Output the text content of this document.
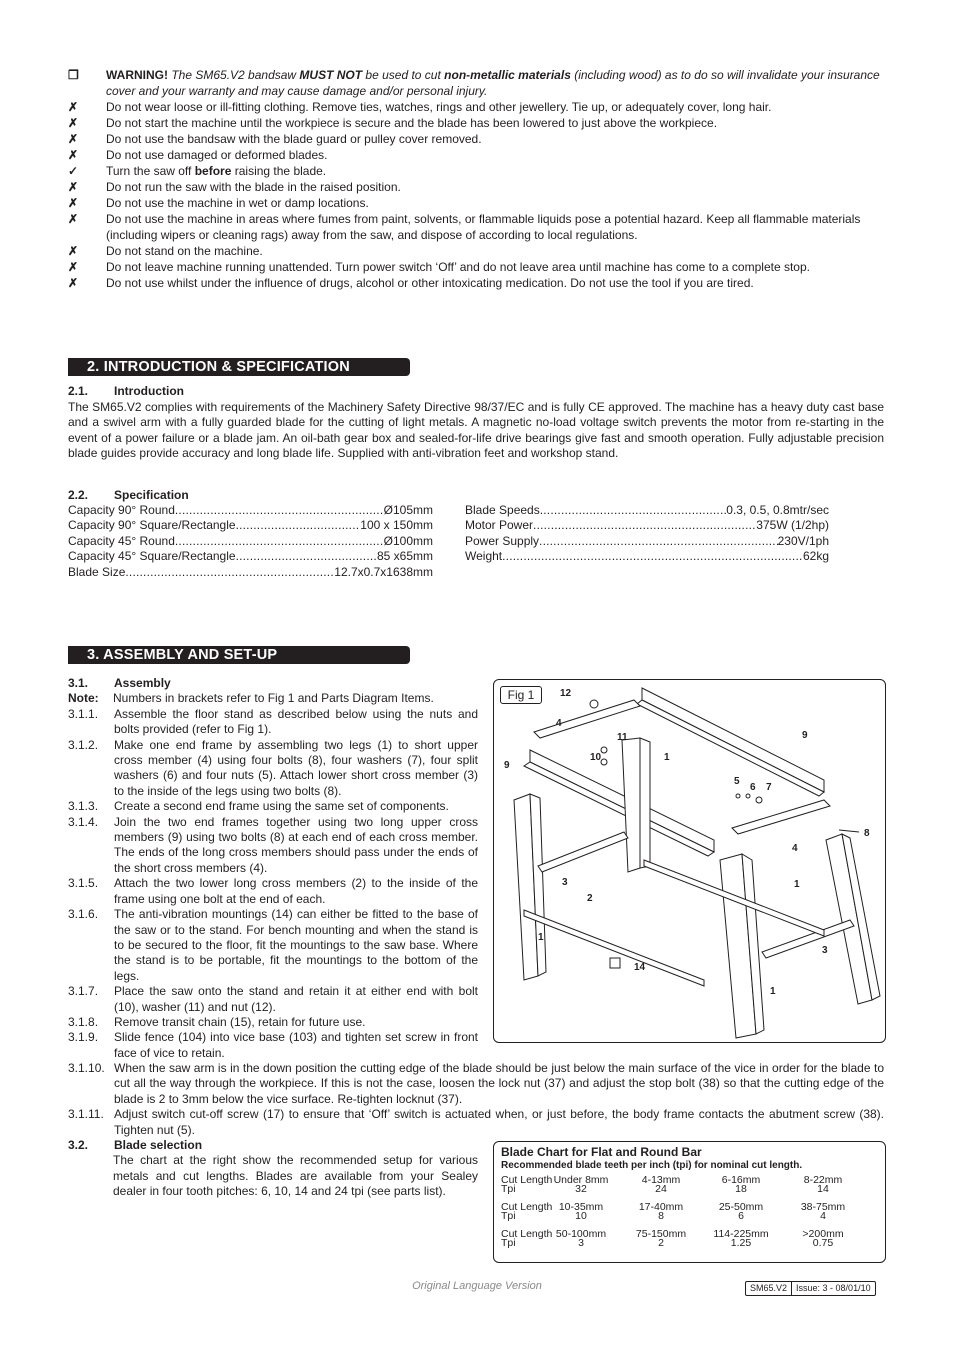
❒	WARNING! The SM65.V2 bandsaw MUST NOT be used to cut non-metallic materials (including wood) as to do so will invalidate your insurance cover and your warranty and may cause damage and/or personal injury.
✗	Do not wear loose or ill-fitting clothing. Remove ties, watches, rings and other jewellery. Tie up, or adequately cover, long hair.
✗	Do not start the machine until the workpiece is secure and the blade has been lowered to just above the workpiece.
✗	Do not use the bandsaw with the blade guard or pulley cover removed.
✗	Do not use damaged or deformed blades.
✓	Turn the saw off before raising the blade.
✗	Do not run the saw with the blade in the raised position.
✗	Do not use the machine in wet or damp locations.
✗	Do not use the machine in areas where fumes from paint, solvents, or flammable liquids pose a potential hazard. Keep all flammable materials (including wipers or cleaning rags) away from the saw, and dispose of according to local regulations.
✗	Do not stand on the machine.
✗	Do not leave machine running unattended. Turn power switch ‘Off’ and do not leave area until machine has come to a complete stop.
✗	Do not use whilst under the influence of drugs, alcohol or other intoxicating medication. Do not use the tool if you are tired.
2. INTRODUCTION & SPECIFICATION
2.1. Introduction
The SM65.V2 complies with requirements of the Machinery Safety Directive 98/37/EC and is fully CE approved. The machine has a heavy duty cast base and a swivel arm with a fully guarded blade for the cutting of light metals. A magnetic no-load voltage switch prevents the motor from re-starting in the event of a power failure or a blade jam. An oil-bath gear box and sealed-for-life drive bearings give fast and smooth operation. Fully adjustable precision blade guides provide accuracy and long blade life. Supplied with anti-vibration feet and workshop stand.
2.2. Specification
Capacity 90° Round .....	Ø105mm
Capacity 90° Square/Rectangle .....	100 x 150mm
Capacity 45° Round .....	Ø100mm
Capacity 45° Square/Rectangle .....	85 x65mm
Blade Size .....	12.7x0.7x1638mm
Blade Speeds .....	0.3, 0.5, 0.8mtr/sec
Motor Power .....	375W (1/2hp)
Power Supply .....	230V/1ph
Weight .....	62kg
3. ASSEMBLY AND SET-UP
3.1. Assembly
Note:	Numbers in brackets refer to Fig 1 and Parts Diagram Items.
3.1.1.	Assemble the floor stand as described below using the nuts and bolts provided (refer to Fig 1).
3.1.2.	Make one end frame by assembling two legs (1) to short upper cross member (4) using four bolts (8), four washers (7), four split washers (6) and four nuts (5). Attach lower short cross member (3) to the inside of the legs using two bolts (8).
3.1.3.	Create a second end frame using the same set of components.
3.1.4.	Join the two end frames together using two long upper cross members (9) using two bolts (8) at each end of each cross member. The ends of the long cross members should pass under the ends of the short cross members (4).
3.1.5.	Attach the two lower long cross members (2) to the inside of the frame using one bolt at the end of each.
3.1.6.	The anti-vibration mountings (14) can either be fitted to the base of the saw or to the stand. For bench mounting and when the stand is to be secured to the floor, fit the mountings to the saw base. Where the stand is to be portable, fit the mountings to the bottom of the legs.
3.1.7.	Place the saw onto the stand and retain it at either end with bolt (10), washer (11) and nut (12).
3.1.8.	Remove transit chain (15), retain for future use.
3.1.9.	Slide fence (104) into vice base (103) and tighten set screw in front face of vice to retain.
Fig 1	12
4
11
1
9
10
9
5
6 7
8
4
3
2
1
3
1
14
1
3.1.10. When the saw arm is in the down position the cutting edge of the blade should be just below the main surface of the vice in order for the blade to cut all the way through the workpiece. If this is not the case, loosen the lock nut (37) and adjust the stop bolt (38) so that the cutting edge of the blade is 2 to 3mm below the vice surface. Re-tighten locknut (37).
3.1.11. Adjust switch cut-off screw (17) to ensure that ‘Off’ switch is actuated when, or just before, the body frame contacts the abutment screw (38). Tighten nut (5).
3.2. Blade selection
The chart at the right show the recommended setup for various metals and cut lengths. Blades are available from your Sealey dealer in four tooth pitches: 6, 10, 14 and 24 tpi (see parts list).
Blade Chart for Flat and Round Bar
Recommended blade teeth per inch (tpi) for nominal cut length.
Cut Length Under 8mm	4-13mm	6-16mm	8-22mm
Tpi	32	24	18	14
Cut Length 10-35mm	17-40mm	25-50mm	38-75mm
Tpi	10	8	6	4
Cut Length 50-100mm	75-150mm	114-225mm	>200mm
Tpi	3	2	1.25	0.75
Original Language Version	SM65.V2	Issue: 3 - 08/01/10
